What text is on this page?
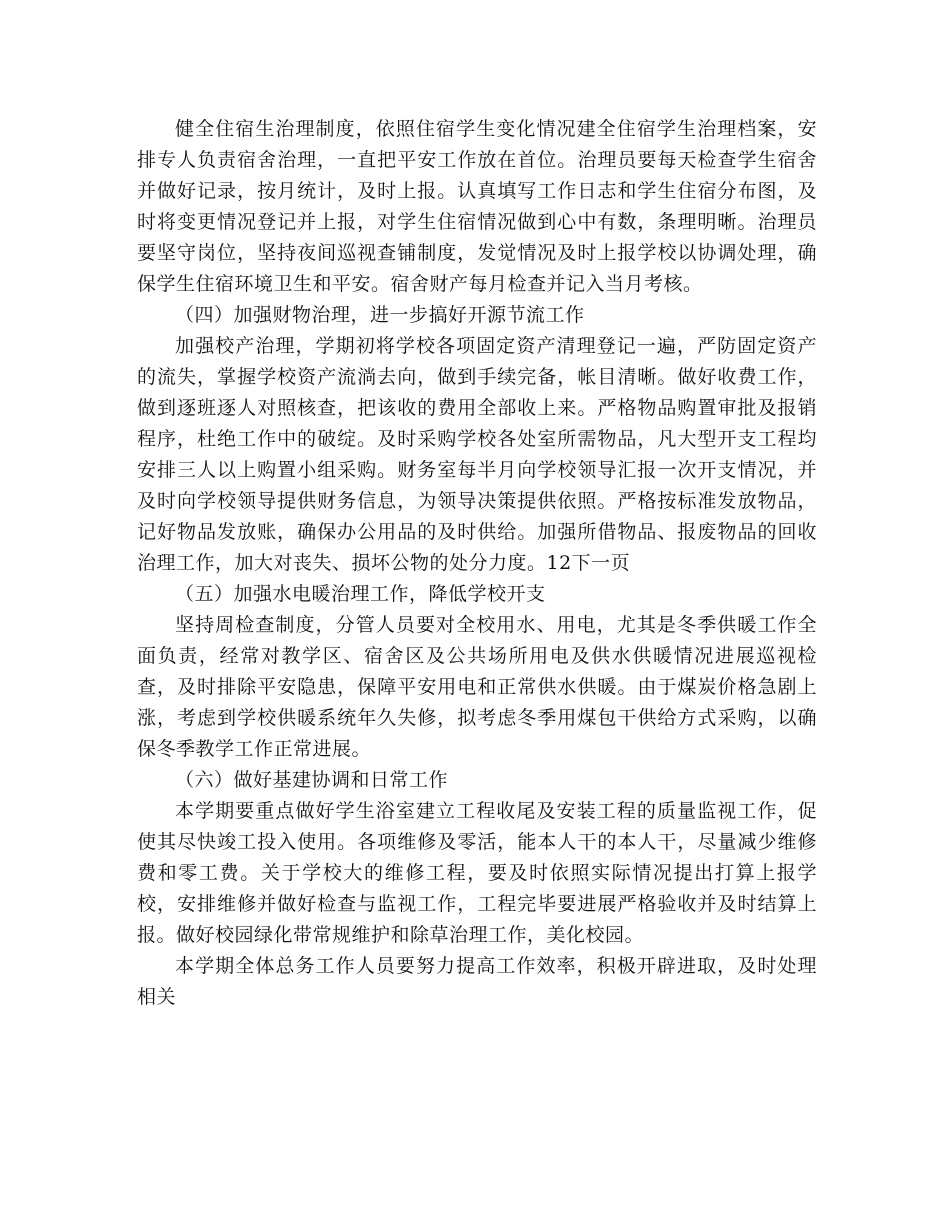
健全住宿生治理制度，依照住宿学生变化情况建全住宿学生治理档案，安排专人负责宿舍治理，一直把平安工作放在首位。治理员要每天检查学生宿舍并做好记录，按月统计，及时上报。认真填写工作日志和学生住宿分布图，及时将变更情况登记并上报，对学生住宿情况做到心中有数，条理明晰。治理员要坚守岗位，坚持夜间巡视查铺制度，发觉情况及时上报学校以协调处理，确保学生住宿环境卫生和平安。宿舍财产每月检查并记入当月考核。

（四）加强财物治理，进一步搞好开源节流工作

加强校产治理，学期初将学校各项固定资产清理登记一遍，严防固定资产的流失，掌握学校资产流淌去向，做到手续完备，帐目清晰。做好收费工作，做到逐班逐人对照核查，把该收的费用全部收上来。严格物品购置审批及报销程序，杜绝工作中的破绽。及时采购学校各处室所需物品，凡大型开支工程均安排三人以上购置小组采购。财务室每半月向学校领导汇报一次开支情况，并及时向学校领导提供财务信息，为领导决策提供依照。严格按标准发放物品，记好物品发放账，确保办公用品的及时供给。加强所借物品、报废物品的回收治理工作，加大对丧失、损坏公物的处分力度。12下一页

（五）加强水电暖治理工作，降低学校开支

坚持周检查制度，分管人员要对全校用水、用电，尤其是冬季供暖工作全面负责，经常对教学区、宿舍区及公共场所用电及供水供暖情况进展巡视检查，及时排除平安隐患，保障平安用电和正常供水供暖。由于煤炭价格急剧上涨，考虑到学校供暖系统年久失修，拟考虑冬季用煤包干供给方式采购，以确保冬季教学工作正常进展。

（六）做好基建协调和日常工作

本学期要重点做好学生浴室建立工程收尾及安装工程的质量监视工作，促使其尽快竣工投入使用。各项维修及零活，能本人干的本人干，尽量减少维修费和零工费。关于学校大的维修工程，要及时依照实际情况提出打算上报学校，安排维修并做好检查与监视工作，工程完毕要进展严格验收并及时结算上报。做好校园绿化带常规维护和除草治理工作，美化校园。

本学期全体总务工作人员要努力提高工作效率，积极开辟进取，及时处理相关
